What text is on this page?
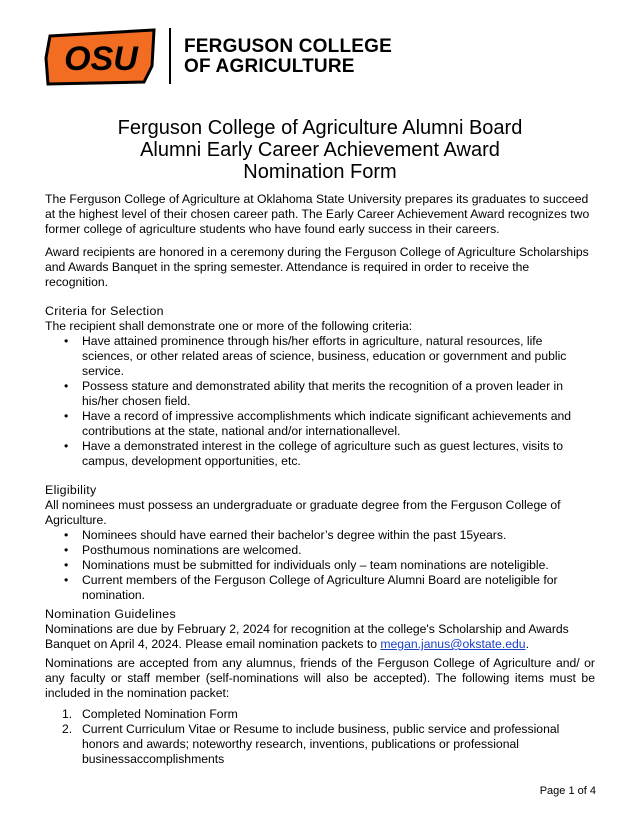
OSU FERGUSON COLLEGE
OF AGRICULTURE
Ferguson College of Agriculture Alumni Board
Alumni Early Career Achievement Award
Nomination Form

The Ferguson College of Agriculture at Oklahoma State University prepares its graduates to succeed at the highest level of their chosen career path. The Early Career Achievement Award recognizes two former college of agriculture students who have found early success in their careers.

Award recipients are honored in a ceremony during the Ferguson College of Agriculture Scholarships and Awards Banquet in the spring semester. Attendance is required in order to receive the recognition.

Criteria for Selection
The recipient shall demonstrate one or more of the following criteria:
• Have attained prominence through his/her efforts in agriculture, natural resources, life sciences, or other related areas of science, business, education or government and public service.
• Possess stature and demonstrated ability that merits the recognition of a proven leader in his/her chosen field.
• Have a record of impressive accomplishments which indicate significant achievements and contributions at the state, national and/or internationallevel.
• Have a demonstrated interest in the college of agriculture such as guest lectures, visits to campus, development opportunities, etc.
Eligibility
All nominees must possess an undergraduate or graduate degree from the Ferguson College of Agriculture.
• Nominees should have earned their bachelor’s degree within the past 15years.
• Posthumous nominations are welcomed.
• Nominations must be submitted for individuals only – team nominations are noteligible.
• Current members of the Ferguson College of Agriculture Alumni Board are noteligible for nomination.
Nomination Guidelines
Nominations are due by February 2, 2024 for recognition at the college's Scholarship and Awards Banquet on April 4, 2024. Please email nomination packets to megan.janus@okstate.edu.
Nominations are accepted from any alumnus, friends of the Ferguson College of Agriculture and/ or any faculty or staff member (self-nominations will also be accepted). The following items must be included in the nomination packet:
1. Completed Nomination Form
2. Current Curriculum Vitae or Resume to include business, public service and professional honors and awards; noteworthy research, inventions, publications or professional businessaccomplishments
Page 1 of 4
